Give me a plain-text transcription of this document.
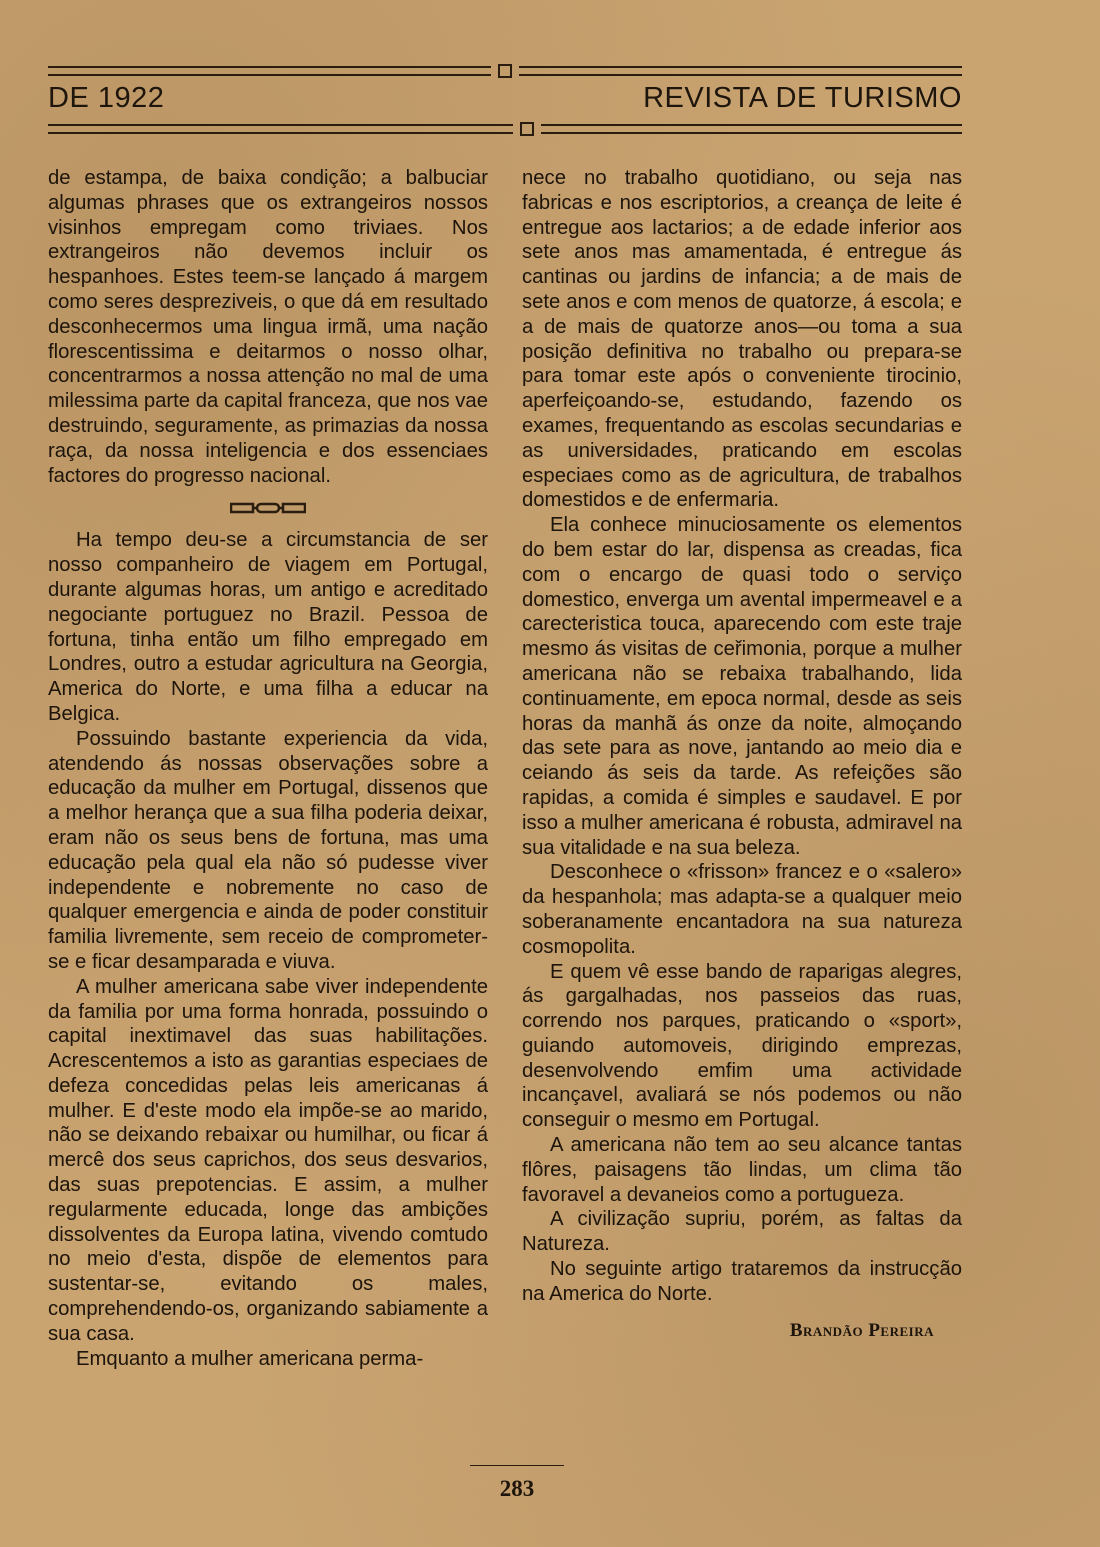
DE 1922	REVISTA DE TURISMO

de estampa, de baixa condição; a balbuciar algumas phrases que os extrangeiros nossos visinhos empregam como triviaes. Nos extrangeiros não devemos incluir os hespanhoes. Estes teem-se lançado á margem como seres despreziveis, o que dá em resultado desconhecermos uma lingua irmã, uma nação florescentissima e deitarmos o nosso olhar, concentrarmos a nossa attenção no mal de uma milessima parte da capital franceza, que nos vae destruindo, seguramente, as primazias da nossa raça, da nossa inteligencia e dos essenciaes factores do progresso nacional.

Ha tempo deu-se a circumstancia de ser nosso companheiro de viagem em Portugal, durante algumas horas, um antigo e acreditado negociante portuguez no Brazil. Pessoa de fortuna, tinha então um filho empregado em Londres, outro a estudar agricultura na Georgia, America do Norte, e uma filha a educar na Belgica.

Possuindo bastante experiencia da vida, atendendo ás nossas observações sobre a educação da mulher em Portugal, dissenos que a melhor herança que a sua filha poderia deixar, eram não os seus bens de fortuna, mas uma educação pela qual ela não só pudesse viver independente e nobremente no caso de qualquer emergencia e ainda de poder constituir familia livremente, sem receio de comprometer-se e ficar desamparada e viuva.

A mulher americana sabe viver independente da familia por uma forma honrada, possuindo o capital inextimavel das suas habilitações. Acrescentemos a isto as garantias especiaes de defeza concedidas pelas leis americanas á mulher. E d'este modo ela impõe-se ao marido, não se deixando rebaixar ou humilhar, ou ficar á mercê dos seus caprichos, dos seus desvarios, das suas prepotencias. E assim, a mulher regularmente educada, longe das ambições dissolventes da Europa latina, vivendo comtudo no meio d'esta, dispõe de elementos para sustentar-se, evitando os males, comprehendendo-os, organizando sabiamente a sua casa.

Emquanto a mulher americana perma-

nece no trabalho quotidiano, ou seja nas fabricas e nos escriptorios, a creança de leite é entregue aos lactarios; a de edade inferior aos sete anos mas amamentada, é entregue ás cantinas ou jardins de infancia; a de mais de sete anos e com menos de quatorze, á escola; e a de mais de quatorze anos—ou toma a sua posição definitiva no trabalho ou prepara-se para tomar este após o conveniente tirocinio, aperfeiçoando-se, estudando, fazendo os exames, frequentando as escolas secundarias e as universidades, praticando em escolas especiaes como as de agricultura, de trabalhos domestidos e de enfermaria.

Ela conhece minuciosamente os elementos do bem estar do lar, dispensa as creadas, fica com o encargo de quasi todo o serviço domestico, enverga um avental impermeavel e a carecteristica touca, aparecendo com este traje mesmo ás visitas de ceřimonia, porque a mulher americana não se rebaixa trabalhando, lida continuamente, em epoca normal, desde as seis horas da manhã ás onze da noite, almoçando das sete para as nove, jantando ao meio dia e ceiando ás seis da tarde. As refeições são rapidas, a comida é simples e saudavel. E por isso a mulher americana é robusta, admiravel na sua vitalidade e na sua beleza.

Desconhece o «frisson» francez e o «salero» da hespanhola; mas adapta-se a qualquer meio soberanamente encantadora na sua natureza cosmopolita.

E quem vê esse bando de raparigas alegres, ás gargalhadas, nos passeios das ruas, correndo nos parques, praticando o «sport», guiando automoveis, dirigindo emprezas, desenvolvendo emfim uma actividade incançavel, avaliará se nós podemos ou não conseguir o mesmo em Portugal.

A americana não tem ao seu alcance tantas flôres, paisagens tão lindas, um clima tão favoravel a devaneios como a portugueza.

A civilização supriu, porém, as faltas da Natureza.

No seguinte artigo trataremos da instrucção na America do Norte.

Brandão Pereira
283
